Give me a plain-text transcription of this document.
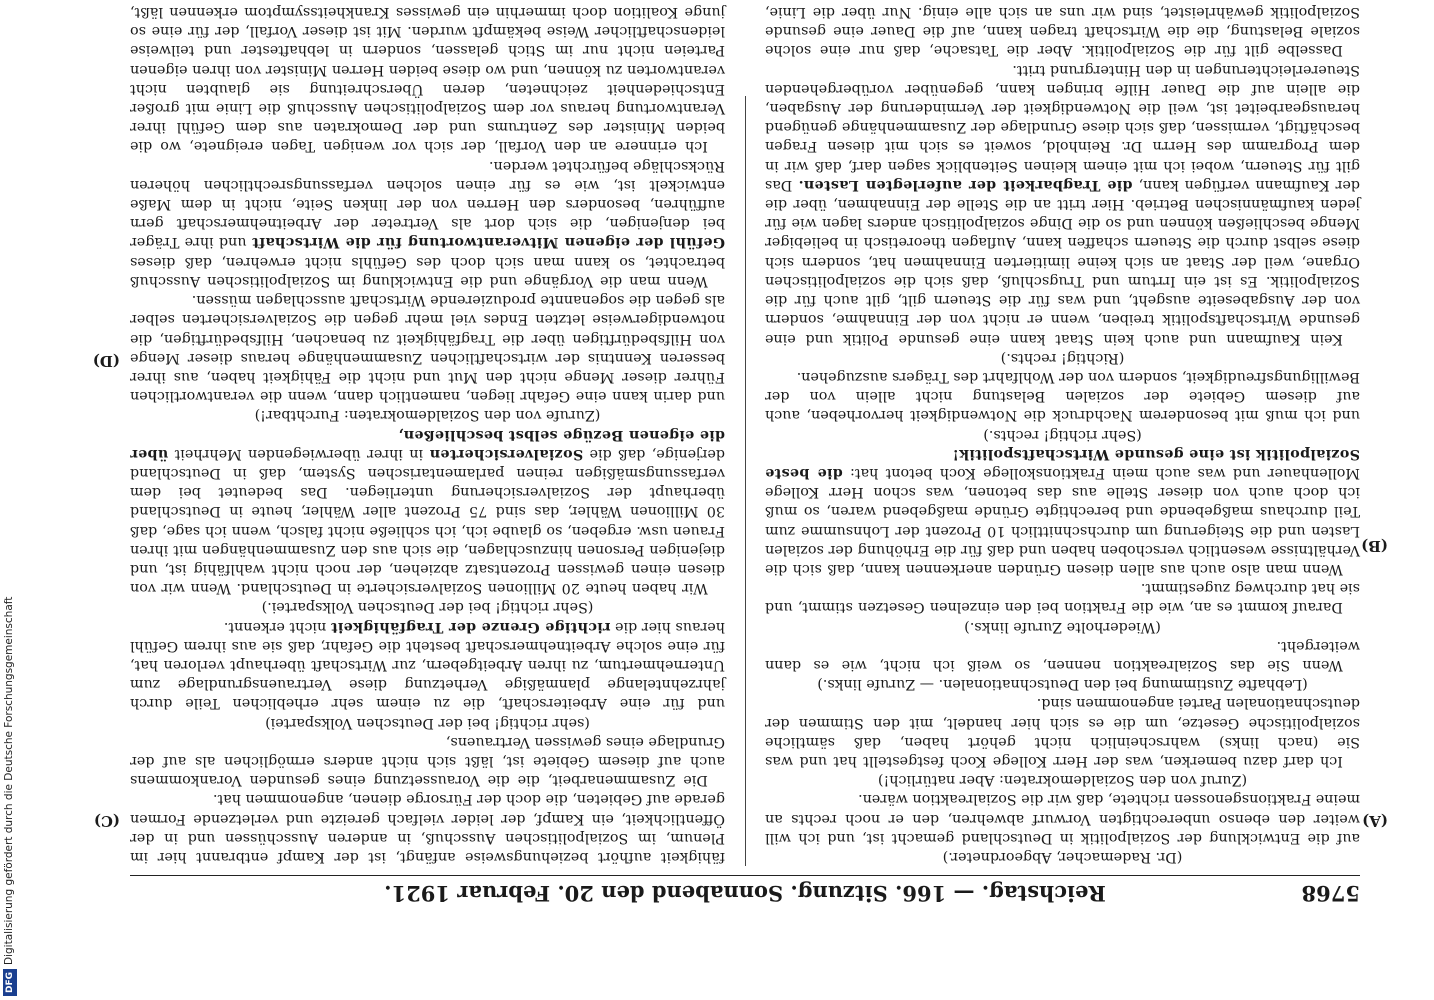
5768
Reichstag. — 166. Sitzung. Sonnabend den 20. Februar 1921.
(A)
(B)
(C)
(D)

(Dr. Rademacher, Abgeordneter.)

auf die Entwicklung der Sozialpolitik in Deutschland gemacht ist, und ich will weiter den ebenso unberechtigten Vorwurf abwehren, den er noch rechts an meine Fraktionsgenossen richtete, daß wir die Sozialreaktion wären.

(Zuruf von den Sozialdemokraten: Aber natürlich!)

Ich darf dazu bemerken, was der Herr Kollege Koch festgestellt hat und was Sie (nach links) wahrscheinlich nicht gehört haben, daß sämtliche sozialpolitische Gesetze, um die es sich hier handelt, mit den Stimmen der deutschnationalen Partei angenommen sind.

(Lebhafte Zustimmung bei den Deutschnationalen. — Zurufe links.)

Wenn Sie das Sozialreaktion nennen, so weiß ich nicht, wie es dann weitergeht.

(Wiederholte Zurufe links.)

Darauf kommt es an, wie die Fraktion bei den einzelnen Gesetzen stimmt, und sie hat durchweg zugestimmt.

Wenn man also auch aus allen diesen Gründen anerkennen kann, daß sich die Verhältnisse wesentlich verschoben haben und daß für die Erhöhung der sozialen Lasten und die Steigerung um durchschnittlich 10 Prozent der Lohnsumme zum Teil durchaus maßgebende und berechtigte Gründe maßgebend waren, so muß ich doch auch von dieser Stelle aus das betonen, was schon Herr Kollege Mollenhauer und was auch mein Fraktionskollege Koch betont hat: die beste Sozialpolitik ist eine gesunde Wirtschaftspolitik!

(Sehr richtig! rechts.)

und ich muß mit besonderem Nachdruck die Notwendigkeit hervorheben, auch auf diesem Gebiete der sozialen Belastung nicht allein von der Bewilligungsfreudigkeit, sondern von der Wohlfahrt des Trägers auszugehen.

(Richtig! rechts.)

Kein Kaufmann und auch kein Staat kann eine gesunde Politik und eine gesunde Wirtschaftspolitik treiben, wenn er nicht von der Einnahme, sondern von der Ausgabeseite ausgeht, und was für die Steuern gilt, gilt auch für die Sozialpolitik. Es ist ein Irrtum und Trugschluß, daß sich die sozialpolitischen Organe, weil der Staat an sich keine limitierten Einnahmen hat, sondern sich diese selbst durch die Steuern schaffen kann, Auflagen theoretisch in beliebiger Menge beschließen können und so die Dinge sozialpolitisch anders lagen wie für jeden kaufmännischen Betrieb. Hier tritt an die Stelle der Einnahmen, über die der Kaufmann verfügen kann, die Tragbarkeit der auferlegten Lasten. Das gilt für Steuern, wobei ich mit einem kleinen Seitenblick sagen darf, daß wir in dem Programm des Herrn Dr. Reinhold, soweit es sich mit diesen Fragen beschäftigt, vermissen, daß sich diese Grundlage der Zusammenhänge genügend herausgearbeitet ist, weil die Notwendigkeit der Verminderung der Ausgaben, die allein auf die Dauer Hilfe bringen kann, gegenüber vorübergehenden Steuererleichterungen in den Hintergrund tritt.

Dasselbe gilt für die Sozialpolitik. Aber die Tatsache, daß nur eine solche soziale Belastung, die die Wirtschaft tragen kann, auf die Dauer eine gesunde Sozialpolitik gewährleistet, sind wir uns an sich alle einig. Nur über die Linie,

fähigkeit aufhört beziehungsweise anfängt, ist der Kampf entbrannt hier im Plenum, im Sozialpolitischen Ausschuß, in anderen Ausschüssen und in der Öffentlichkeit, ein Kampf, der leider vielfach gereizte und verletzende Formen gerade auf Gebieten, die doch der Fürsorge dienen, angenommen hat.

Die Zusammenarbeit, die die Voraussetzung eines gesunden Vorankommens auch auf diesem Gebiete ist, läßt sich nicht anders ermöglichen als auf der Grundlage eines gewissen Vertrauens,

(sehr richtig! bei der Deutschen Volkspartei)

und für eine Arbeiterschaft, die zu einem sehr erheblichen Teile durch jahrzehntelange planmäßige Verhetzung diese Vertrauensgrundlage zum Unternehmertum, zu ihren Arbeitgebern, zur Wirtschaft überhaupt verloren hat, für eine solche Arbeitnehmerschaft besteht die Gefahr, daß sie aus ihrem Gefühl heraus hier die richtige Grenze der Tragfähigkeit nicht erkennt.

(Sehr richtig! bei der Deutschen Volkspartei.)

Wir haben heute 20 Millionen Sozialversicherte in Deutschland. Wenn wir von diesen einen gewissen Prozentsatz abziehen, der noch nicht wahlfähig ist, und diejenigen Personen hinzuschlagen, die sich aus den Zusammenhängen mit ihren Frauen usw. ergeben, so glaube ich, ich schließe nicht falsch, wenn ich sage, daß 30 Millionen Wähler, das sind 75 Prozent aller Wähler, heute in Deutschland überhaupt der Sozialversicherung unterliegen. Das bedeutet bei dem verfassungsmäßigen reinen parlamentarischen System, daß in Deutschland derjenige, daß die Sozialversicherten in ihrer überwiegenden Mehrheit über die eigenen Bezüge selbst beschließen,

(Zurufe von den Sozialdemokraten: Furchtbar!)

und darin kann eine Gefahr liegen, namentlich dann, wenn die verantwortlichen Führer dieser Menge nicht den Mut und nicht die Fähigkeit haben, aus ihrer besseren Kenntnis der wirtschaftlichen Zusammenhänge heraus dieser Menge von Hilfsbedürftigen über die Tragfähigkeit zu benachen, Hilfsbedürftigen, die notwendigerweise letzten Endes viel mehr gegen die Sozialversicherten selber als gegen die sogenannte produzierende Wirtschaft ausschlagen müssen.

Wenn man die Vorgänge und die Entwicklung im Sozialpolitischen Ausschuß betrachtet, so kann man sich doch des Gefühls nicht erwehren, daß dieses Gefühl der eigenen Mitverantwortung für die Wirtschaft und ihre Träger bei denjenigen, die sich dort als Vertreter der Arbeitnehmerschaft gern aufführen, besonders den Herren von der linken Seite, nicht in dem Maße entwickelt ist, wie es für einen solchen verfassungsrechtlichen höheren Rückschläge befürchtet werden.

Ich erinnere an den Vorfall, der sich vor wenigen Tagen ereignete, wo die beiden Minister des Zentrums und der Demokraten aus dem Gefühl ihrer Verantwortung heraus vor dem Sozialpolitischen Ausschuß die Linie mit großer Entschiedenheit zeichneten, deren Überschreitung sie glaubten nicht verantworten zu können, und wo diese beiden Herren Minister von ihren eigenen Parteien nicht nur im Stich gelassen, sondern in lebhaftester und teilweise leidenschaftlicher Weise bekämpft wurden. Mit ist dieser Vorfall, der für eine so junge Koalition doch immerhin ein gewisses Krankheitssymptom erkennen läßt,

DFGDigitalisierung gefördert durch die Deutsche Forschungsgemeinschaft
